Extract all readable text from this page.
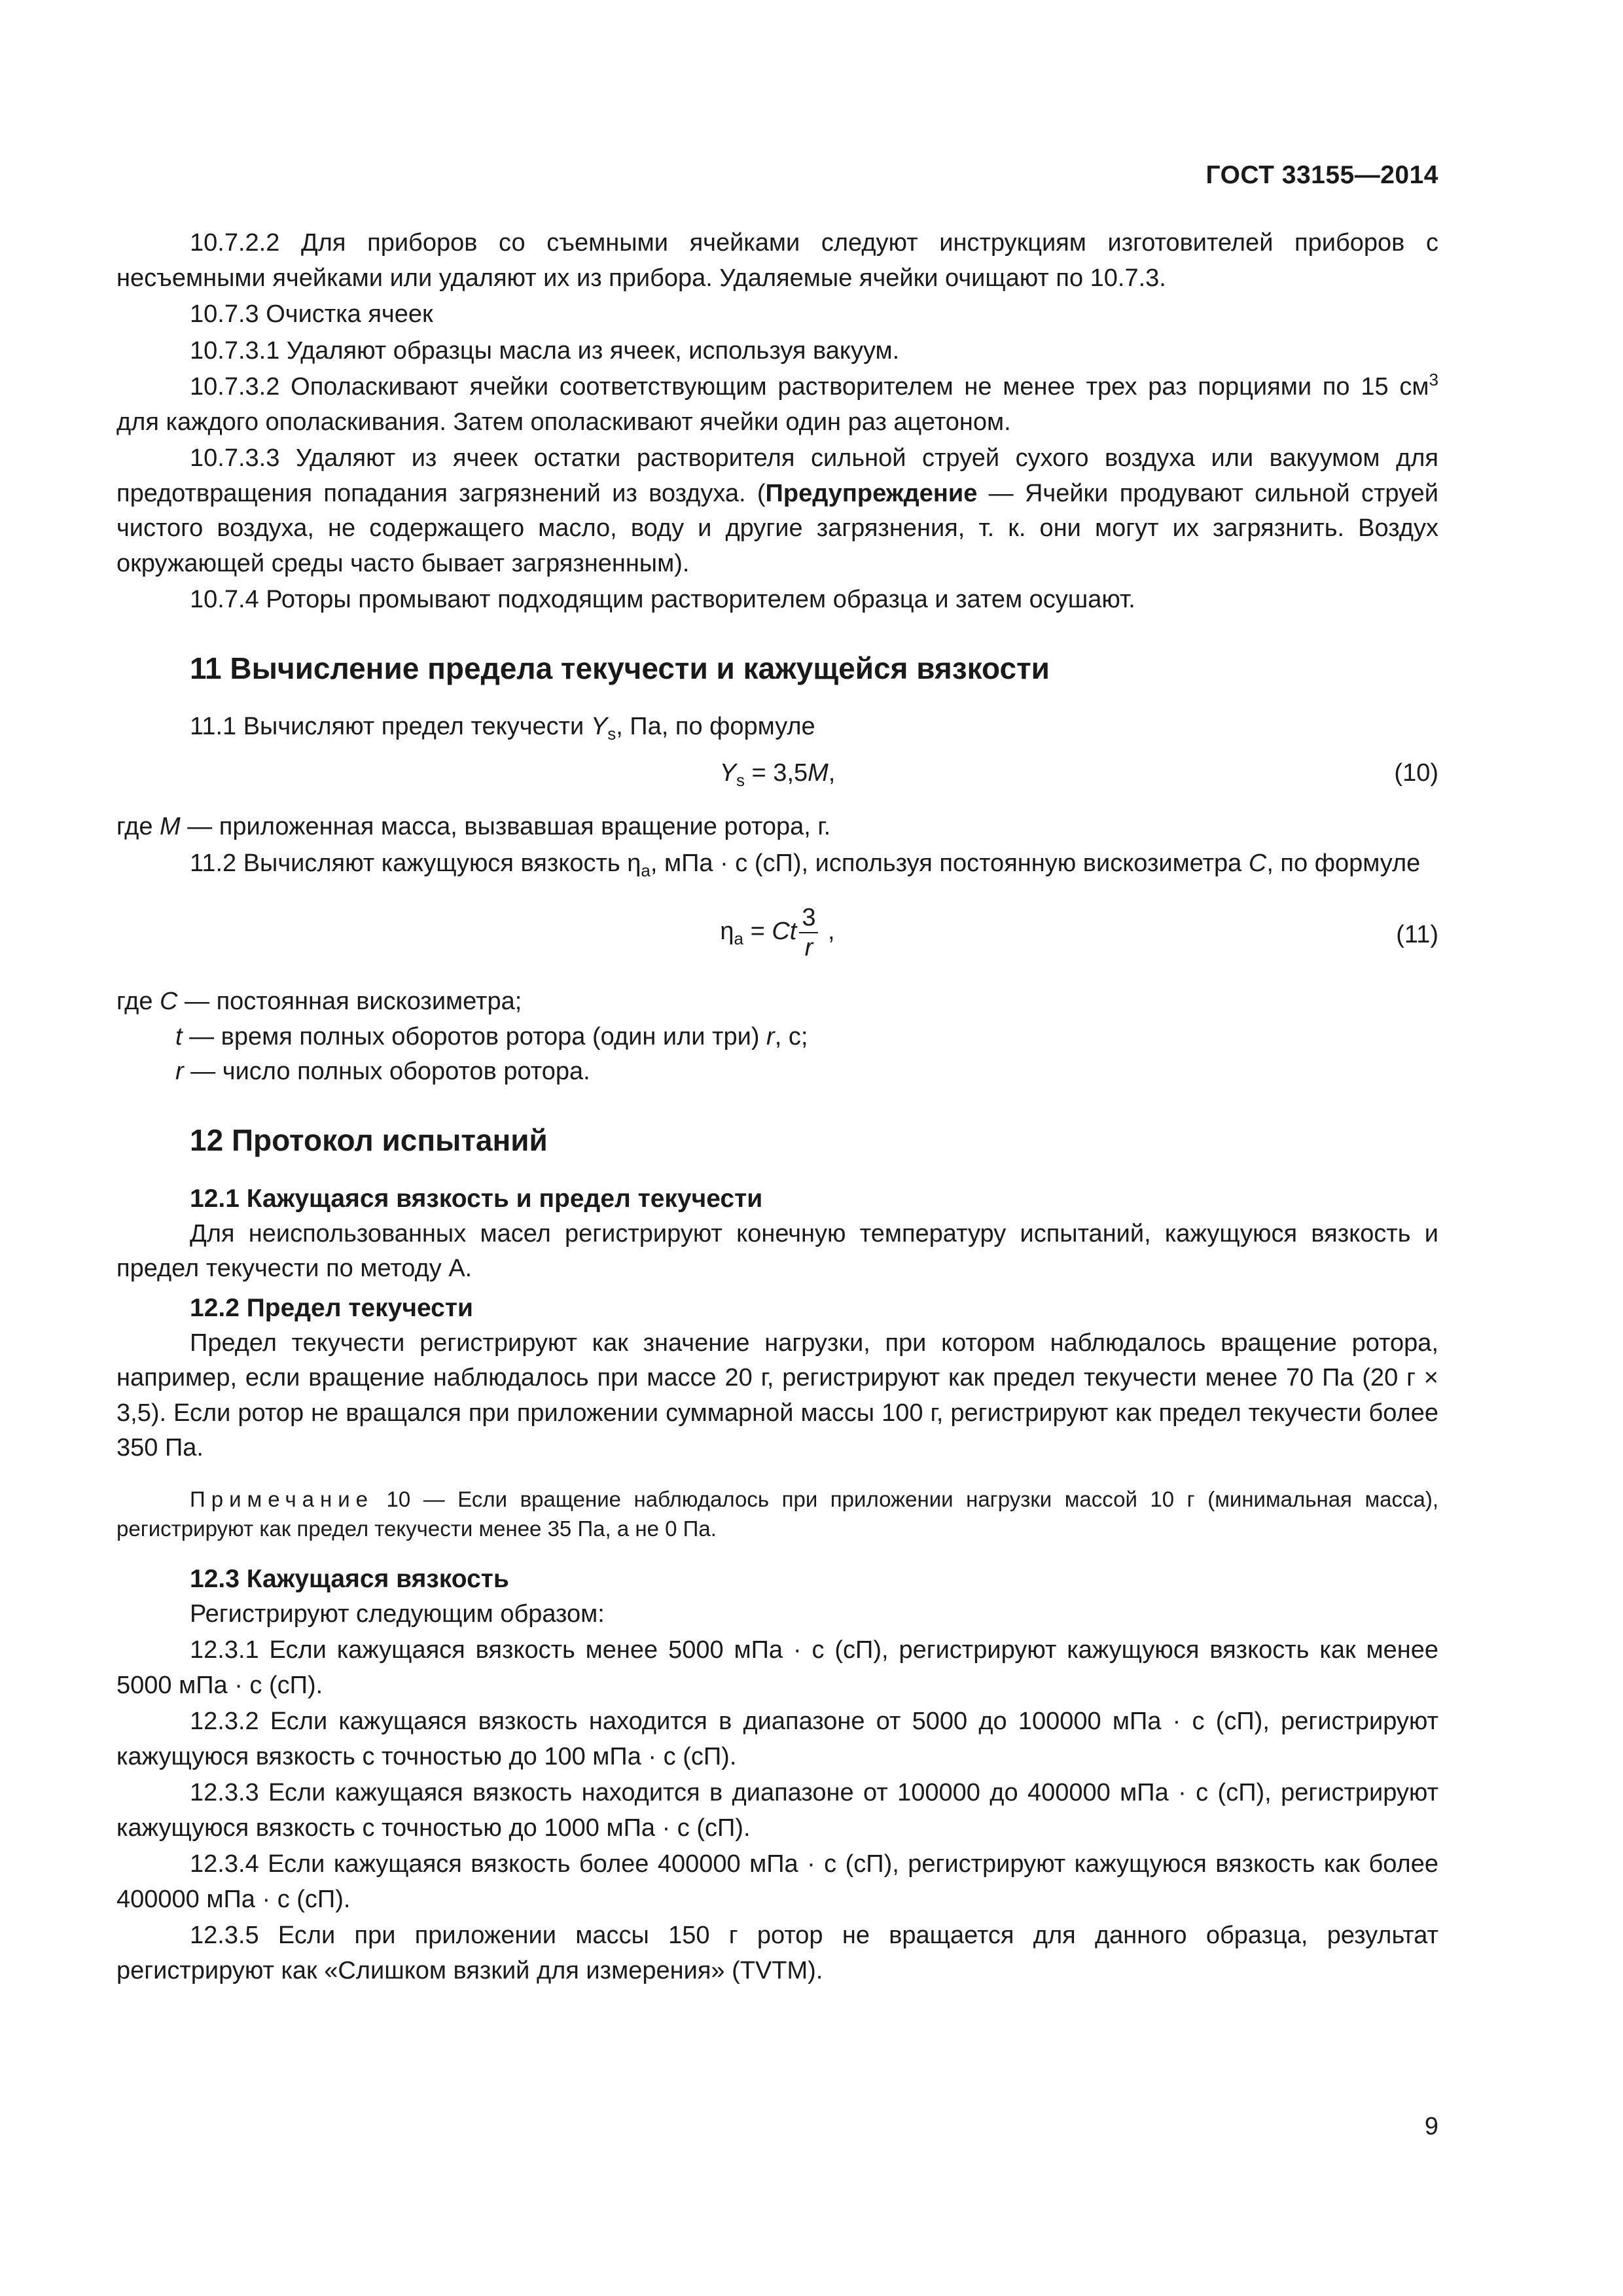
ГОСТ 33155—2014

10.7.2.2 Для приборов со съемными ячейками следуют инструкциям изготовителей приборов с несъемными ячейками или удаляют их из прибора. Удаляемые ячейки очищают по 10.7.3.

10.7.3 Очистка ячеек

10.7.3.1 Удаляют образцы масла из ячеек, используя вакуум.

10.7.3.2 Ополаскивают ячейки соответствующим растворителем не менее трех раз порциями по 15 $см^3$ для каждого ополаскивания. Затем ополаскивают ячейки один раз ацетоном.

10.7.3.3 Удаляют из ячеек остатки растворителя сильной струей сухого воздуха или вакуумом для предотвращения попадания загрязнений из воздуха. (Предупреждение — Ячейки продувают сильной струей чистого воздуха, не содержащего масло, воду и другие загрязнения, т. к. они могут их загрязнить. Воздух окружающей среды часто бывает загрязненным).

10.7.4 Роторы промывают подходящим растворителем образца и затем осушают.

11 Вычисление предела текучести и кажущейся вязкости

11.1 Вычисляют предел текучести $Y_s$, Па, по формуле

$Y_s = 3,5M$,	(10)

где M — приложенная масса, вызвавшая вращение ротора, г.

11.2 Вычисляют кажущуюся вязкость $\eta_a$, мПа · с (сП), используя постоянную вискозиметра C, по формуле

$\eta_a = Ct \frac{3}{r}$ ,	(11)

где C — постоянная вискозиметра;

t — время полных оборотов ротора (один или три) r, с;

r — число полных оборотов ротора.

12 Протокол испытаний
12.1 Кажущаяся вязкость и предел текучести

Для неиспользованных масел регистрируют конечную температуру испытаний, кажущуюся вязкость и предел текучести по методу А.

12.2 Предел текучести

Предел текучести регистрируют как значение нагрузки, при котором наблюдалось вращение ротора, например, если вращение наблюдалось при массе 20 г, регистрируют как предел текучести менее 70 Па (20 г × 3,5). Если ротор не вращался при приложении суммарной массы 100 г, регистрируют как предел текучести более 350 Па.

Примечание 10 — Если вращение наблюдалось при приложении нагрузки массой 10 г (минимальная масса), регистрируют как предел текучести менее 35 Па, а не 0 Па.
12.3 Кажущаяся вязкость

Регистрируют следующим образом:

12.3.1 Если кажущаяся вязкость менее 5000 мПа · с (сП), регистрируют кажущуюся вязкость как менее 5000 мПа · с (сП).

12.3.2 Если кажущаяся вязкость находится в диапазоне от 5000 до 100000 мПа · с (сП), регистрируют кажущуюся вязкость с точностью до 100 мПа · с (сП).

12.3.3 Если кажущаяся вязкость находится в диапазоне от 100000 до 400000 мПа · с (сП), регистрируют кажущуюся вязкость с точностью до 1000 мПа · с (сП).

12.3.4 Если кажущаяся вязкость более 400000 мПа · с (сП), регистрируют кажущуюся вязкость как более 400000 мПа · с (сП).

12.3.5 Если при приложении массы 150 г ротор не вращается для данного образца, результат регистрируют как «Слишком вязкий для измерения» (TVTM).

9
